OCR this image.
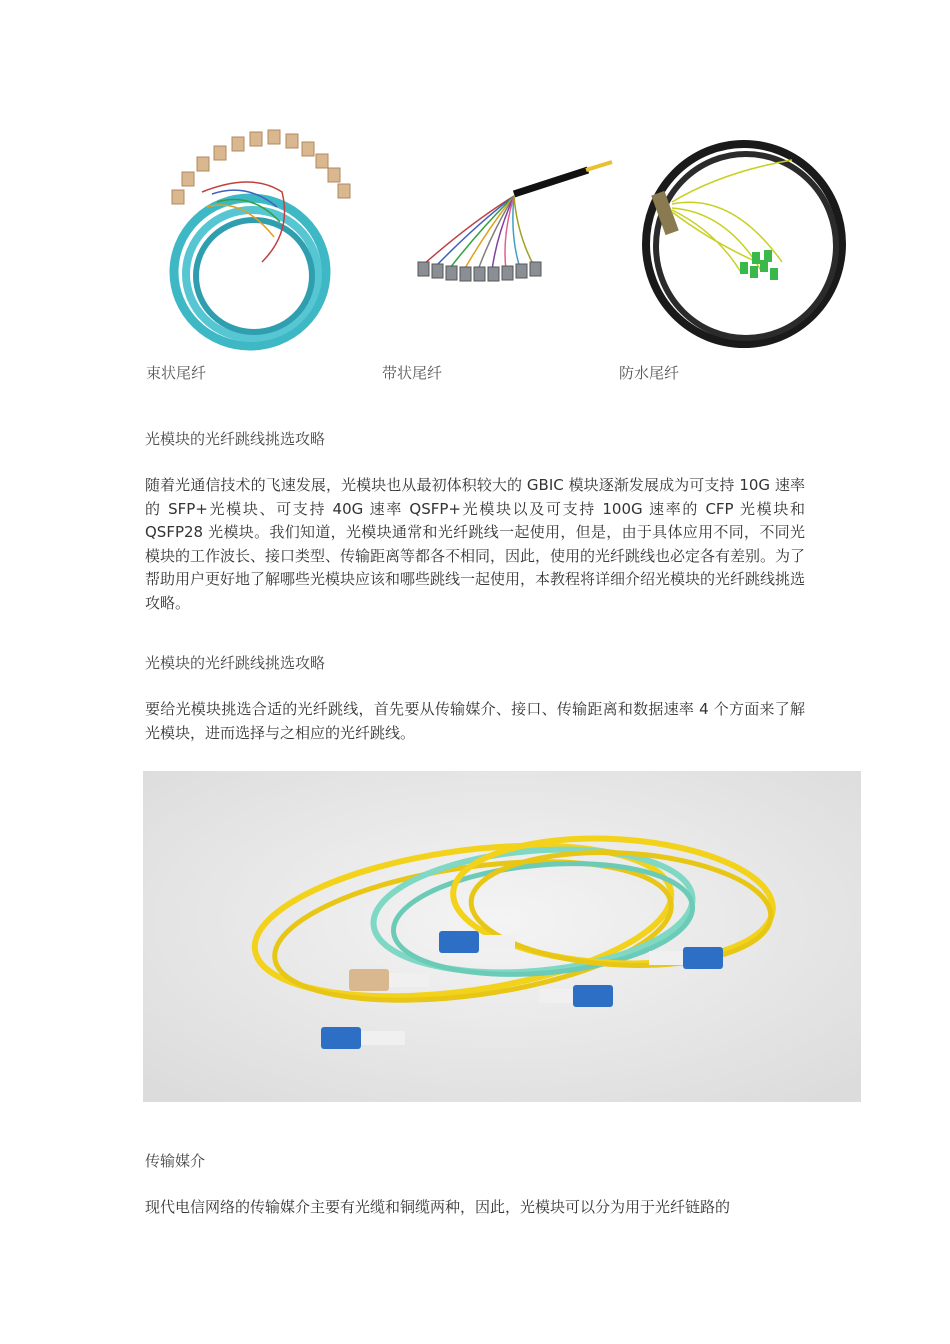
束状尾纤	带状尾纤	防水尾纤
光模块的光纤跳线挑选攻略
随着光通信技术的飞速发展，光模块也从最初体积较大的 GBIC 模块逐渐发展成为可支持 10G 速率的 SFP+光模块、可支持 40G 速率 QSFP+光模块以及可支持 100G 速率的 CFP 光模块和 QSFP28 光模块。我们知道，光模块通常和光纤跳线一起使用，但是，由于具体应用不同，不同光模块的工作波长、接口类型、传输距离等都各不相同，因此，使用的光纤跳线也必定各有差别。为了帮助用户更好地了解哪些光模块应该和哪些跳线一起使用，本教程将详细介绍光模块的光纤跳线挑选攻略。
光模块的光纤跳线挑选攻略
要给光模块挑选合适的光纤跳线，首先要从传输媒介、接口、传输距离和数据速率 4 个方面来了解光模块，进而选择与之相应的光纤跳线。
传输媒介
现代电信网络的传输媒介主要有光缆和铜缆两种，因此，光模块可以分为用于光纤链路的
